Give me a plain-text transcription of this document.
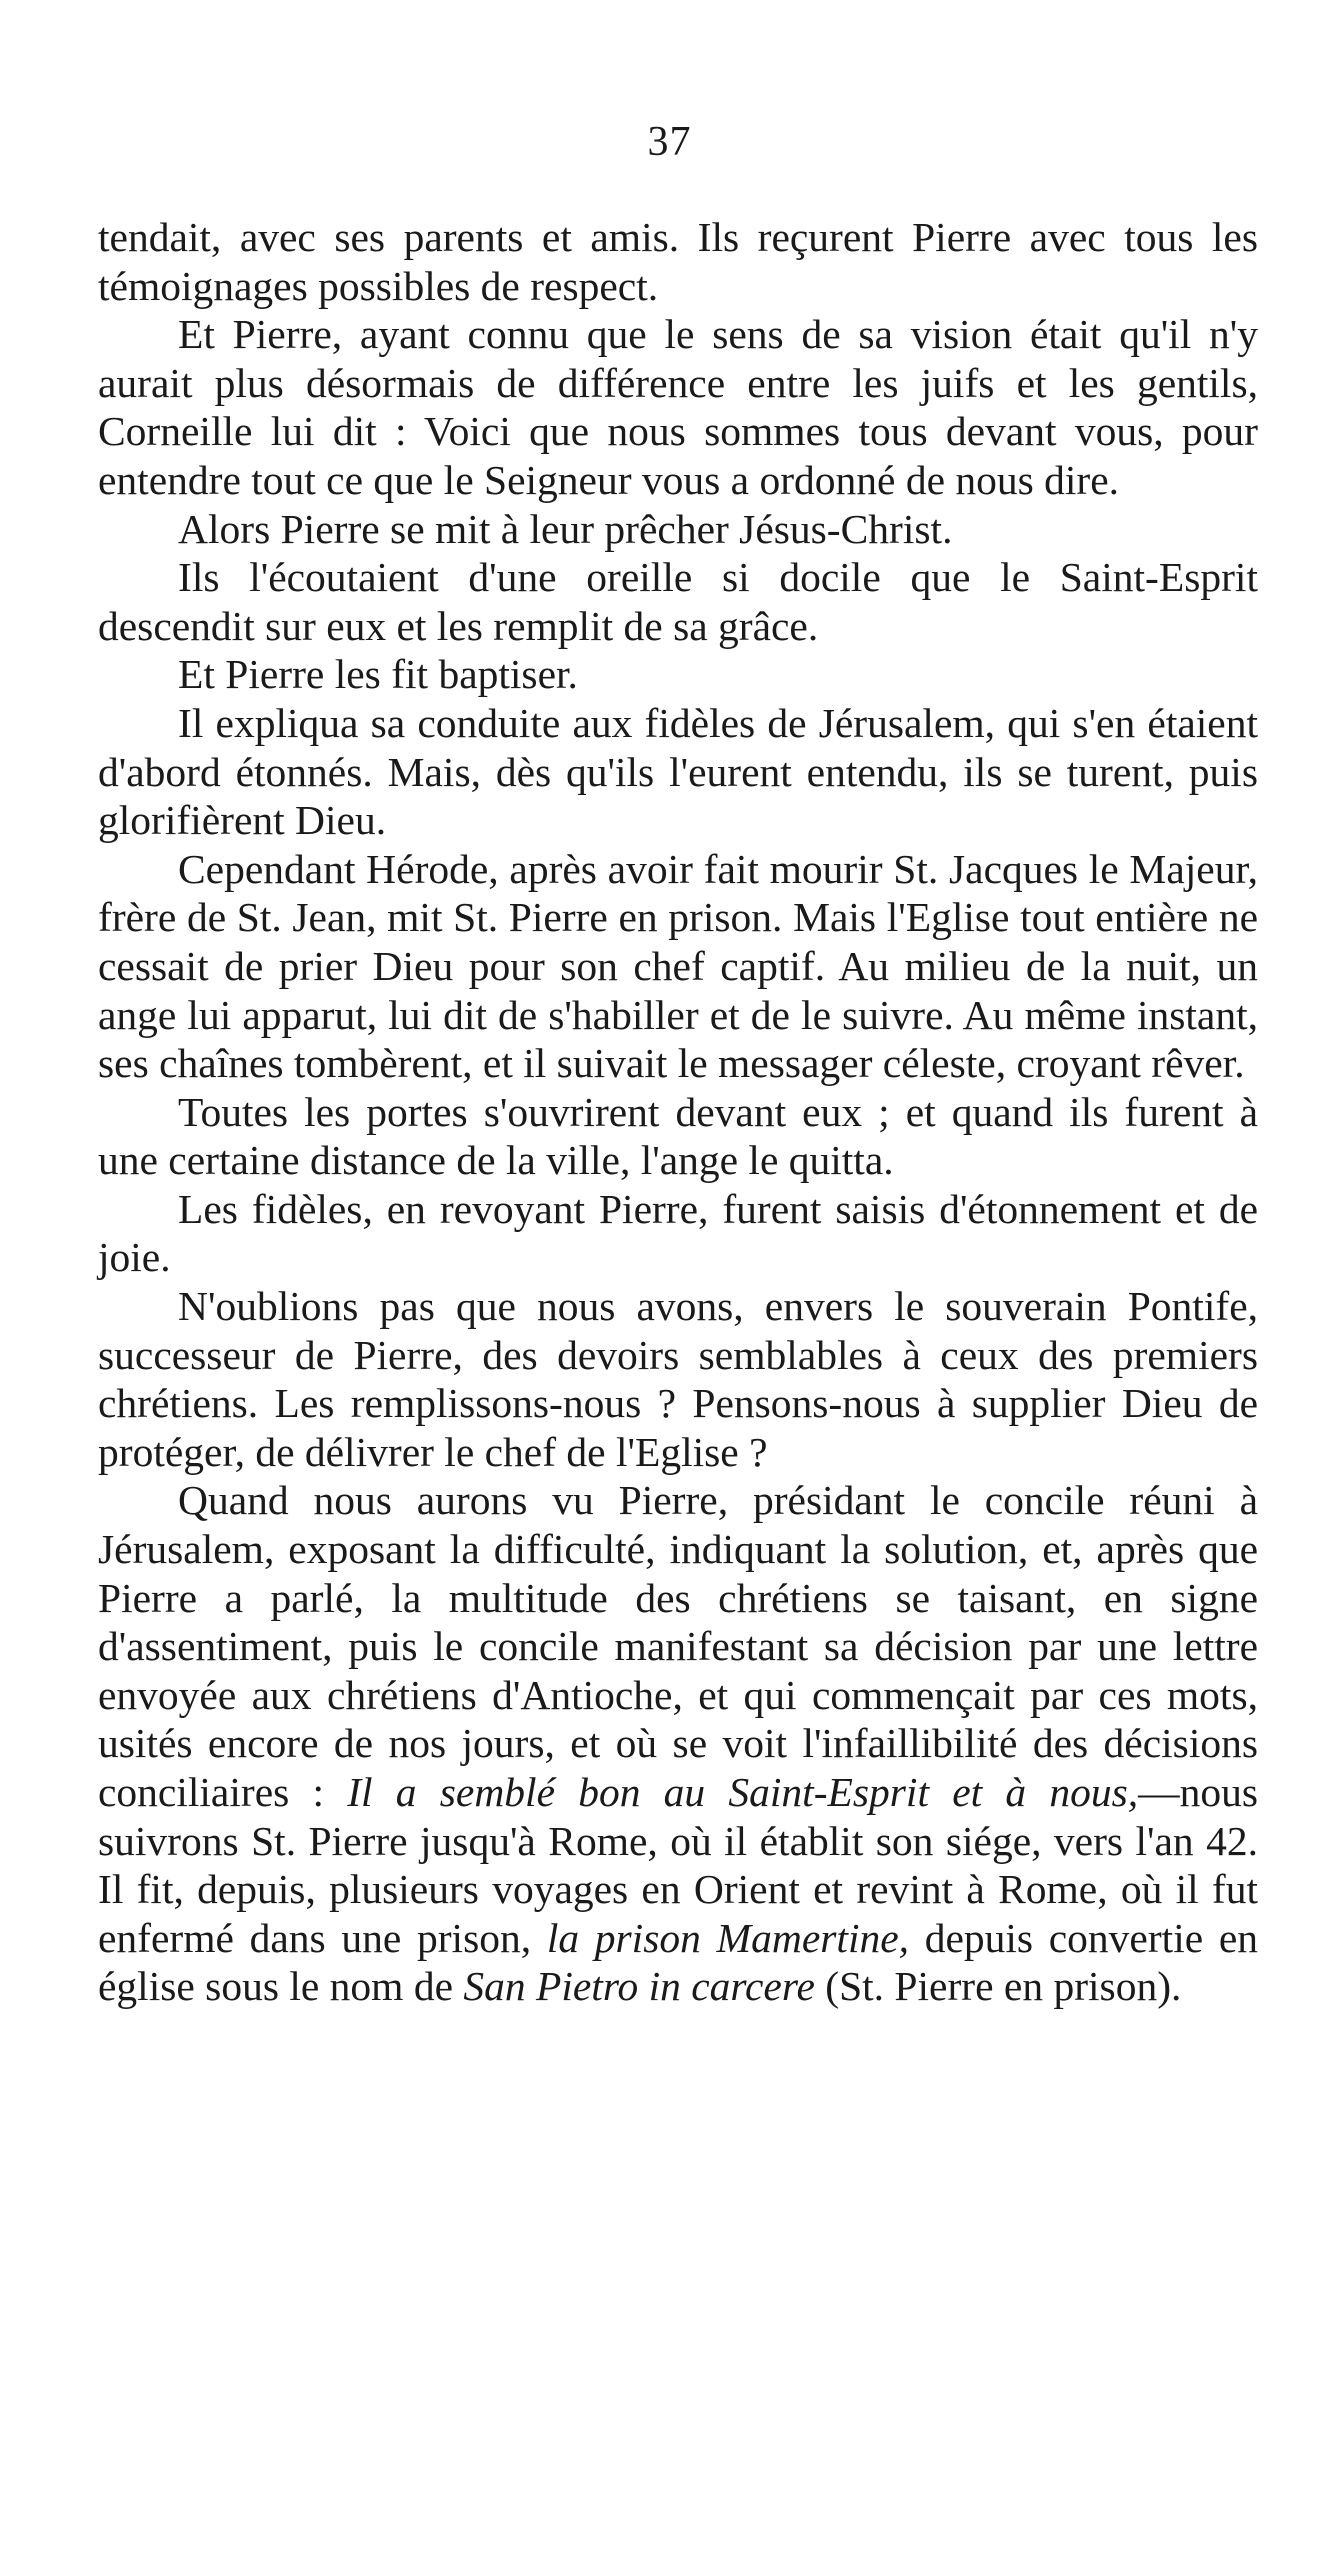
37

tendait, avec ses parents et amis. Ils reçurent Pierre avec tous les témoignages possibles de respect.

Et Pierre, ayant connu que le sens de sa vision était qu'il n'y aurait plus désormais de différence entre les juifs et les gentils, Corneille lui dit : Voici que nous sommes tous devant vous, pour entendre tout ce que le Seigneur vous a ordonné de nous dire.

Alors Pierre se mit à leur prêcher Jésus-Christ.

Ils l'écoutaient d'une oreille si docile que le Saint-Esprit descendit sur eux et les remplit de sa grâce.

Et Pierre les fit baptiser.

Il expliqua sa conduite aux fidèles de Jérusalem, qui s'en étaient d'abord étonnés. Mais, dès qu'ils l'eurent entendu, ils se turent, puis glorifièrent Dieu.

Cependant Hérode, après avoir fait mourir St. Jacques le Majeur, frère de St. Jean, mit St. Pierre en prison. Mais l'Eglise tout entière ne cessait de prier Dieu pour son chef captif. Au milieu de la nuit, un ange lui apparut, lui dit de s'habiller et de le suivre. Au même instant, ses chaînes tombèrent, et il suivait le messager céleste, croyant rêver.

Toutes les portes s'ouvrirent devant eux ; et quand ils furent à une certaine distance de la ville, l'ange le quitta.

Les fidèles, en revoyant Pierre, furent saisis d'étonnement et de joie.

N'oublions pas que nous avons, envers le souverain Pontife, successeur de Pierre, des devoirs semblables à ceux des premiers chrétiens. Les remplissons-nous ? Pensons-nous à supplier Dieu de protéger, de délivrer le chef de l'Eglise ?

Quand nous aurons vu Pierre, présidant le concile réuni à Jérusalem, exposant la difficulté, indiquant la solution, et, après que Pierre a parlé, la multitude des chrétiens se taisant, en signe d'assentiment, puis le concile manifestant sa décision par une lettre envoyée aux chrétiens d'Antioche, et qui commençait par ces mots, usités encore de nos jours, et où se voit l'infaillibilité des décisions conciliaires : Il a semblé bon au Saint-Esprit et à nous,—nous suivrons St. Pierre jusqu'à Rome, où il établit son siége, vers l'an 42. Il fit, depuis, plusieurs voyages en Orient et revint à Rome, où il fut enfermé dans une prison, la prison Mamertine, depuis convertie en église sous le nom de San Pietro in carcere (St. Pierre en prison).
